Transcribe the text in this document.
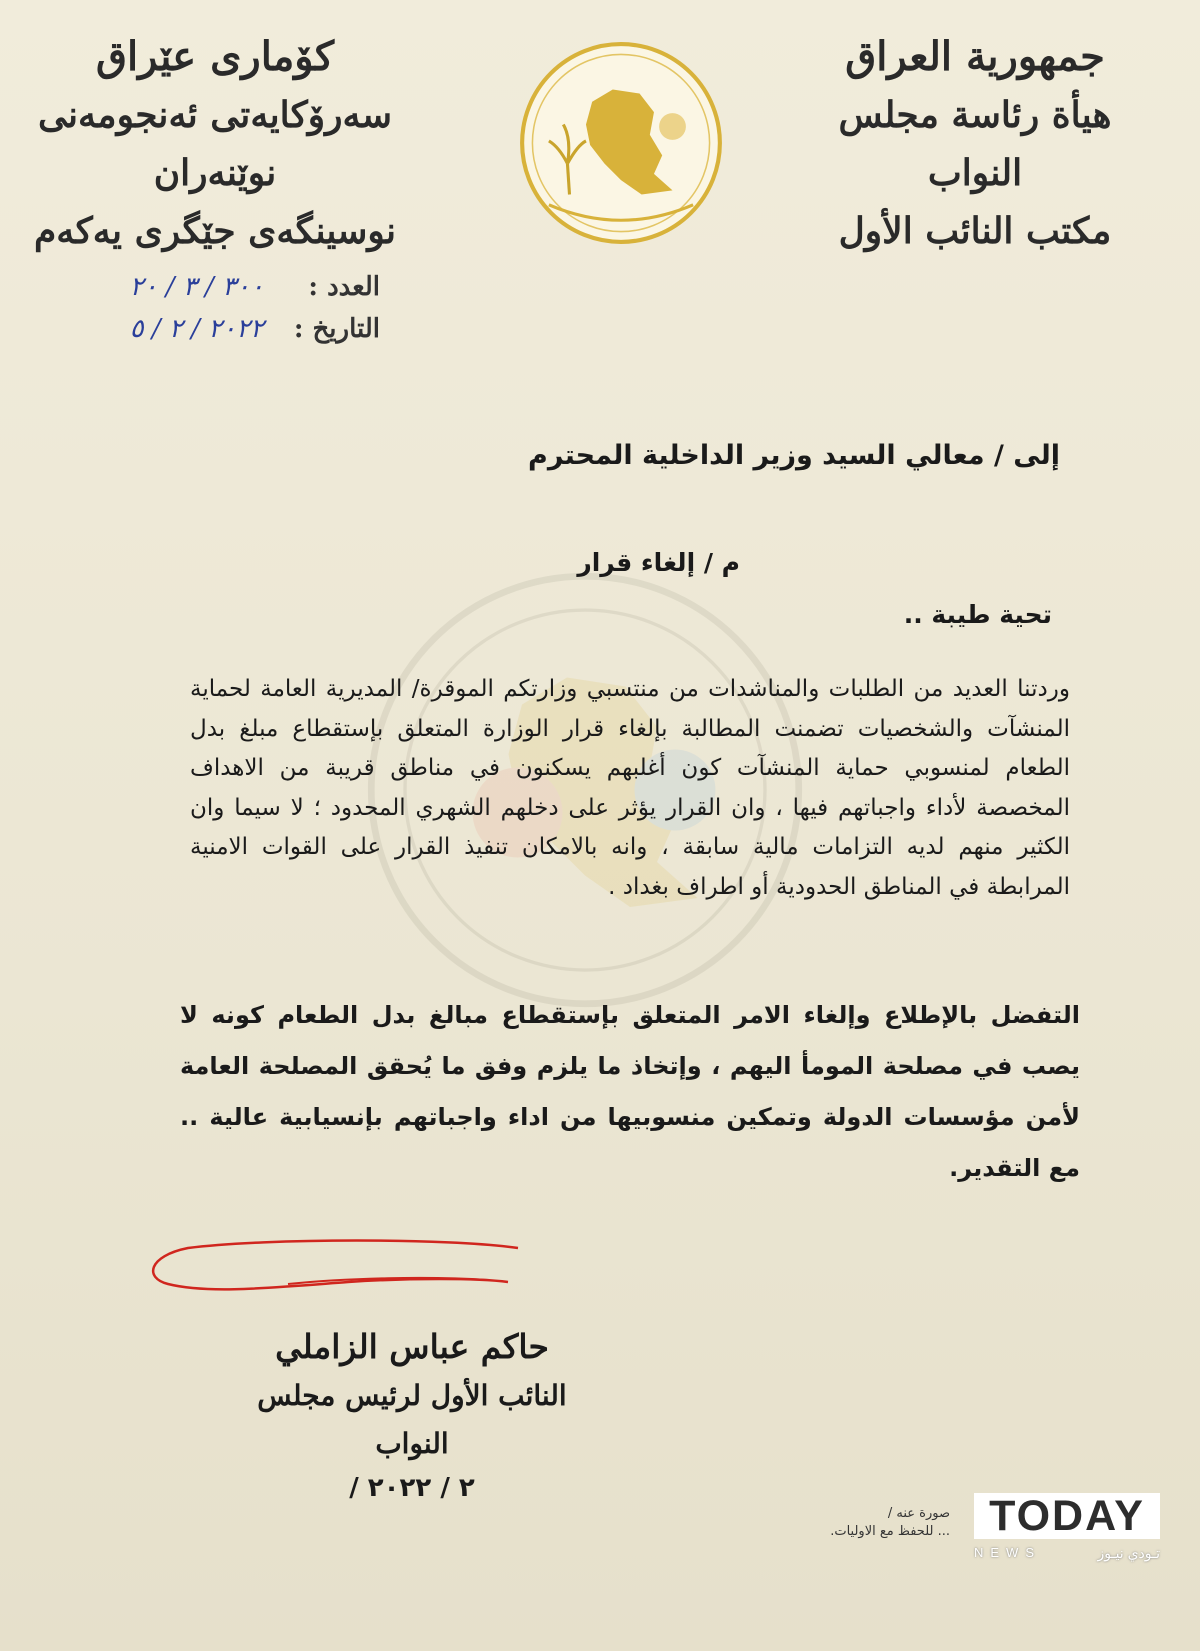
جمهورية العراق
هيأة رئاسة مجلس النواب
مكتب النائب الأول
کۆماری عێراق
سەرۆکایەتی ئەنجومەنی نوێنەران
نوسینگەی جێگری یەکەم
العدد :
٣٠٠ / ٣ / ٢٠
التاريخ :
٢٠٢٢ / ٢ / ٥
إلى / معالي السيد وزير الداخلية المحترم
م / إلغاء قرار
تحية طيبة ..
وردتنا العديد من الطلبات والمناشدات من منتسبي وزارتكم الموقرة/ المديرية العامة لحماية المنشآت والشخصيات تضمنت المطالبة بإلغاء قرار الوزارة المتعلق بإستقطاع مبلغ بدل الطعام لمنسوبي حماية المنشآت كون أغلبهم يسكنون في مناطق قريبة من الاهداف المخصصة لأداء واجباتهم فيها ، وان القرار يؤثر على دخلهم الشهري المحدود ؛ لا سيما وان الكثير منهم لديه التزامات مالية سابقة ، وانه بالامكان تنفيذ القرار على القوات الامنية المرابطة في المناطق الحدودية أو اطراف بغداد .
التفضل بالإطلاع وإلغاء الامر المتعلق بإستقطاع مبالغ بدل الطعام كونه لا يصب في مصلحة المومأ اليهم ، وإتخاذ ما يلزم وفق ما يُحقق المصلحة العامة لأمن مؤسسات الدولة وتمكين منسوبيها من اداء واجباتهم بإنسيابية عالية .. مع التقدير.
حاكم عباس الزاملي
النائب الأول لرئيس مجلس النواب
/ ٢ / ٢٠٢٢
صورة عنه /
... للحفظ مع الاوليات. TODAY
NEWS	تـودي نيـوز
